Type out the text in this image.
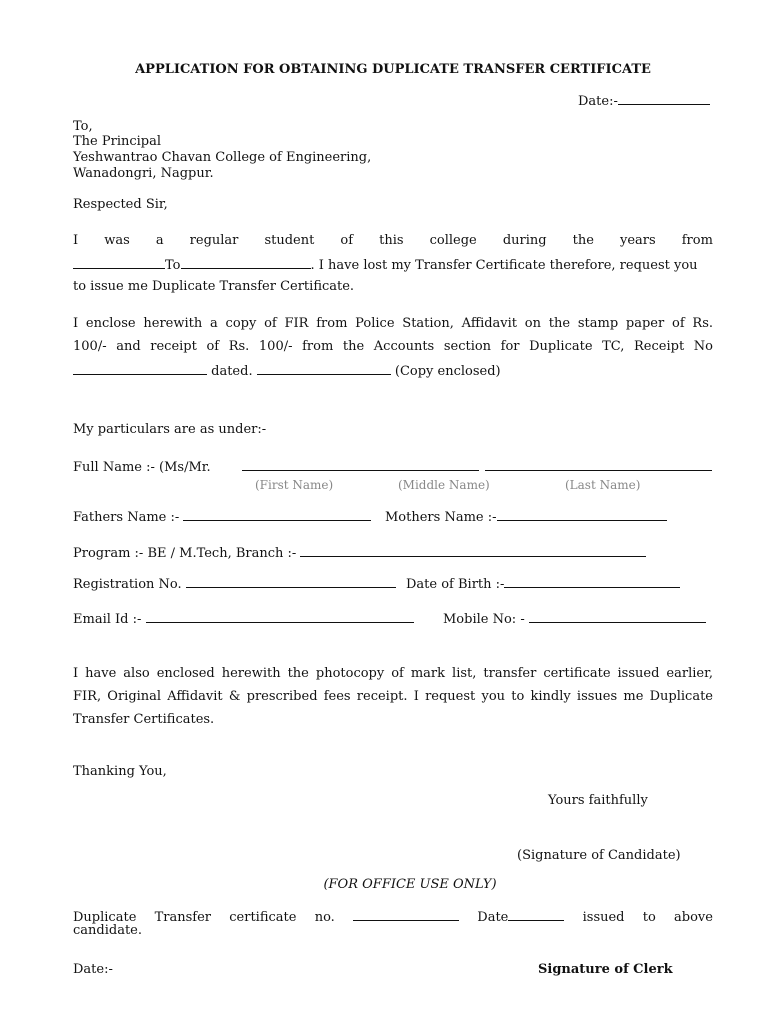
APPLICATION FOR OBTAINING DUPLICATE TRANSFER CERTIFICATE
Date:-
To,
The Principal
Yeshwantrao Chavan College of Engineering,
Wanadongri, Nagpur.
Respected Sir,
I was a regular student of this college during the years from
To	. I have lost my Transfer Certificate therefore, request you
to issue me Duplicate Transfer Certificate.
I enclose herewith a copy of FIR from Police Station, Affidavit on the stamp paper of Rs.
100/- and receipt of Rs. 100/- from the Accounts section for Duplicate TC, Receipt No
dated.	(Copy enclosed)
My particulars are as under:-
Full Name :- (Ms/Mr.
(First Name)	(Middle Name)	(Last Name)
Fathers Name :-	Mothers Name :-
Program :- BE / M.Tech, Branch :-
Registration No.	Date of Birth :-
Email Id :-	Mobile No: -
I have also enclosed herewith the photocopy of mark list, transfer certificate issued earlier,
FIR, Original Affidavit & prescribed fees receipt. I request you to kindly issues me Duplicate
Transfer Certificates.
Thanking You,
Yours faithfully
(Signature of Candidate)
(FOR OFFICE USE ONLY)
Duplicate Transfer certificate no.	Date	issued to above
candidate.
Date:-	Signature of Clerk
